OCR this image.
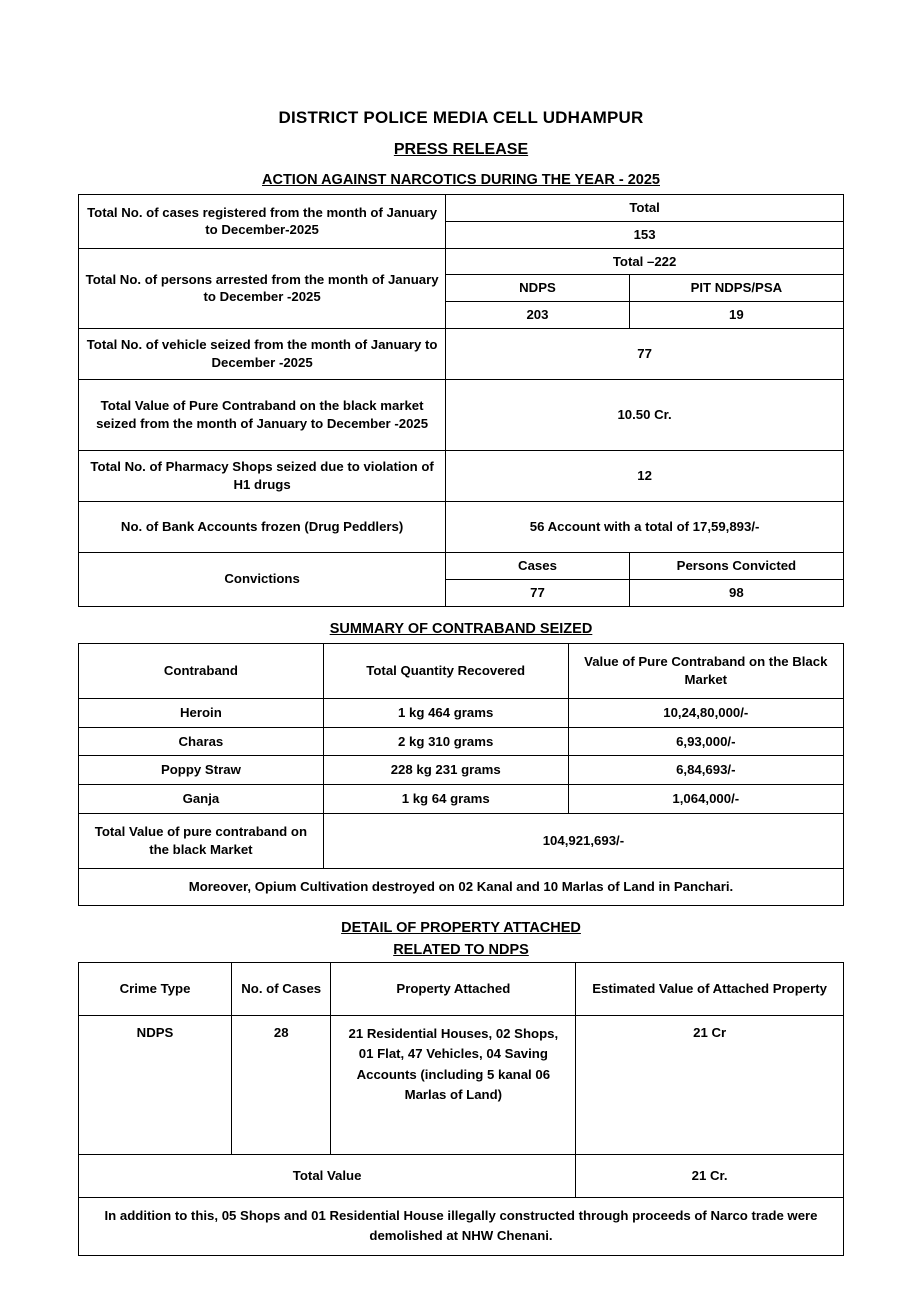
DISTRICT POLICE MEDIA CELL UDHAMPUR
PRESS RELEASE
ACTION AGAINST NARCOTICS DURING THE YEAR - 2025
Total No. of cases registered from the month of January to December-2025	Total	
	153	
Total No. of persons arrested from the month of January to December -2025	Total –222	
	NDPS	PIT NDPS/PSA
	203	19
Total No. of vehicle seized from the month of January to December -2025	77	
Total Value of Pure Contraband on the black market seized from the month of January to December -2025	10.50 Cr.	
Total No. of Pharmacy Shops seized due to violation of H1 drugs	12	
No. of Bank Accounts frozen (Drug Peddlers)	56 Account with a total of 17,59,893/-	
Convictions	Cases	Persons Convicted
	77	98
SUMMARY OF CONTRABAND SEIZED
Contraband	Total Quantity Recovered	Value of Pure Contraband on the Black Market
Heroin	1 kg 464 grams	10,24,80,000/-
Charas	2 kg 310 grams	6,93,000/-
Poppy Straw	228 kg 231 grams	6,84,693/-
Ganja	1 kg 64 grams	1,064,000/-
Total Value of pure contraband on the black Market	104,921,693/-	
Moreover, Opium Cultivation destroyed on 02 Kanal and 10 Marlas of Land in Panchari.		
DETAIL OF PROPERTY ATTACHED
RELATED TO NDPS
Crime Type	No. of Cases	Property Attached	Estimated Value of Attached Property
NDPS	28	21 Residential Houses, 02 Shops, 01 Flat, 47 Vehicles, 04 Saving Accounts (including 5 kanal 06 Marlas of Land)	21 Cr
Total Value			21 Cr.
In addition to this, 05 Shops and 01 Residential House illegally constructed through proceeds of Narco trade were demolished at NHW Chenani.			
